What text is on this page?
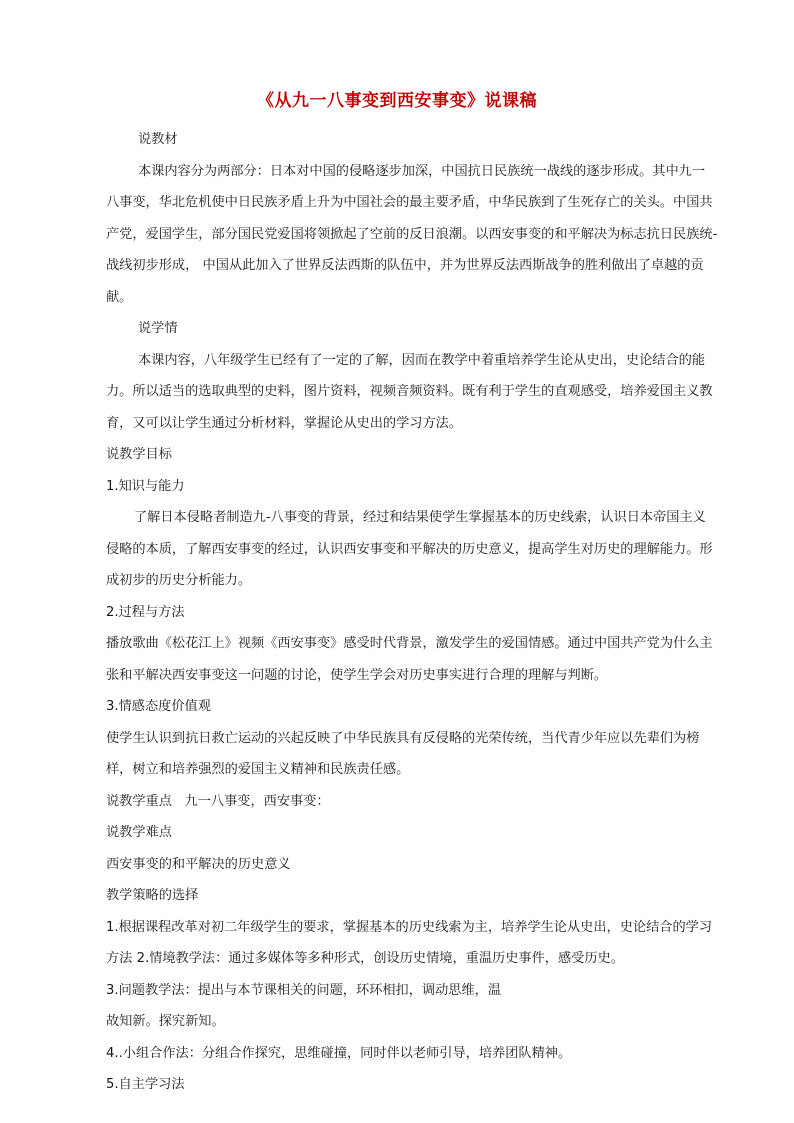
《从九一八事变到西安事变》说课稿

说教材

本课内容分为两部分：日本对中国的侵略逐步加深，中国抗日民族统一战线的逐步形成。其中九一八事变，华北危机使中日民族矛盾上升为中国社会的最主要矛盾，中华民族到了生死存亡的关头。中国共产党，爱国学生，部分国民党爱国将领掀起了空前的反日浪潮。以西安事变的和平解决为标志抗日民族统-战线初步形成， 中国从此加入了世界反法西斯的队伍中，并为世界反法西斯战争的胜利做出了卓越的贡献。

说学情

本课内容，八年级学生已经有了一定的了解，因而在教学中着重培养学生论从史出，史论结合的能力。所以适当的选取典型的史料，图片资料，视频音频资料。既有利于学生的直观感受，培养爱国主义教育，又可以让学生通过分析材料，掌握论从史出的学习方法。

说教学目标

1.知识与能力

了解日本侵略者制造九-八事变的背景，经过和结果使学生掌握基本的历史线索，认识日本帝国主义侵略的本质，了解西安事变的经过，认识西安事变和平解决的历史意义，提高学生对历史的理解能力。形成初步的历史分析能力。

2.过程与方法

播放歌曲《松花江上》视频《西安事变》感受时代背景，激发学生的爱国情感。通过中国共产党为什么主张和平解决西安事变这一问题的讨论，使学生学会对历史事实进行合理的理解与判断。

3.情感态度价值观

使学生认识到抗日救亡运动的兴起反映了中华民族具有反侵略的光荣传统，当代青少年应以先辈们为榜样，树立和培养强烈的爱国主义精神和民族责任感。

说教学重点   九一八事变，西安事变：

说教学难点

西安事变的和平解决的历史意义

教学策略的选择

1.根据课程改革对初二年级学生的要求，掌握基本的历史线索为主，培养学生论从史出，史论结合的学习方法 2.情境教学法：通过多媒体等多种形式，创设历史情境，重温历史事件，感受历史。

3.问题教学法：提出与本节课相关的问题，环环相扣，调动思维，温

故知新。探究新知。

4..小组合作法：分组合作探究，思维碰撞，同时伴以老师引导，培养团队精神。

5.自主学习法
